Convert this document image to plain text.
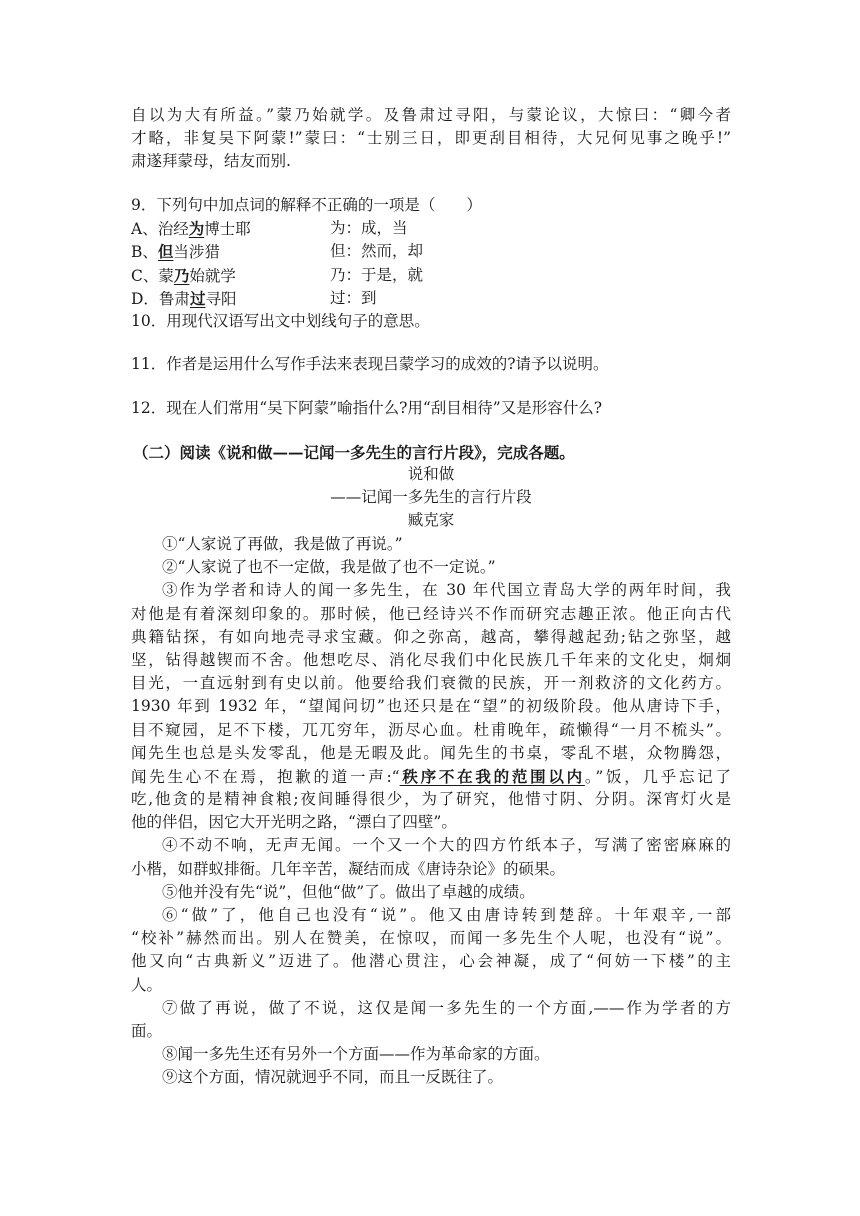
自以为大有所益。”蒙乃始就学。及鲁肃过寻阳，与蒙论议，大惊曰：“卿今者
才略，非复吴下阿蒙!”蒙曰：“士别三日，即更刮目相待，大兄何见事之晚乎!”
肃遂拜蒙母，结友而别.
9．下列句中加点词的解释不正确的一项是（　　）
A、治经为博士耶	为：成，当
B、但当涉猎	但：然而，却
C、蒙乃始就学	乃：于是，就
D．鲁肃过寻阳	过：到
10．用现代汉语写出文中划线句子的意思。
11．作者是运用什么写作手法来表现吕蒙学习的成效的?请予以说明。
12．现在人们常用“吴下阿蒙”喻指什么?用“刮目相待”又是形容什么?
（二）阅读《说和做——记闻一多先生的言行片段》，完成各题。
说和做
——记闻一多先生的言行片段
臧克家
①“人家说了再做，我是做了再说。”
②“人家说了也不一定做，我是做了也不一定说。”
③作为学者和诗人的闻一多先生，在 30 年代国立青岛大学的两年时间，我
对他是有着深刻印象的。那时候，他已经诗兴不作而研究志趣正浓。他正向古代
典籍钻探，有如向地壳寻求宝藏。仰之弥高，越高，攀得越起劲;钻之弥坚，越
坚，钻得越锲而不舍。他想吃尽、消化尽我们中化民族几千年来的文化史，炯炯
目光，一直远射到有史以前。他要给我们衰微的民族，开一剂救济的文化药方。
1930 年到 1932 年，“望闻问切”也还只是在“望”的初级阶段。他从唐诗下手，
目不窥园，足不下楼，兀兀穷年，沥尽心血。杜甫晚年，疏懒得“一月不梳头”。
闻先生也总是头发零乱，他是无暇及此。闻先生的书桌，零乱不堪，众物腾怨，
闻先生心不在焉，抱歉的道一声:“秩序不在我的范围以内。”饭，几乎忘记了
吃,他贪的是精神食粮;夜间睡得很少，为了研究，他惜寸阴、分阴。深宵灯火是
他的伴侣，因它大开光明之路，“漂白了四壁”。
④不动不响，无声无闻。一个又一个大的四方竹纸本子，写满了密密麻麻的
小楷，如群蚁排衙。几年辛苦，凝结而成《唐诗杂论》的硕果。
⑤他并没有先“说”，但他“做”了。做出了卓越的成绩。
⑥“做”了，他自己也没有“说”。他又由唐诗转到楚辞。十年艰辛,一部
“校补”赫然而出。别人在赞美，在惊叹，而闻一多先生个人呢，也没有“说”。
他又向“古典新义”迈进了。他潜心贯注，心会神凝，成了“何妨一下楼”的主
人。
⑦做了再说，做了不说，这仅是闻一多先生的一个方面,——作为学者的方
面。
⑧闻一多先生还有另外一个方面——作为革命家的方面。
⑨这个方面，情况就迥乎不同，而且一反既往了。
